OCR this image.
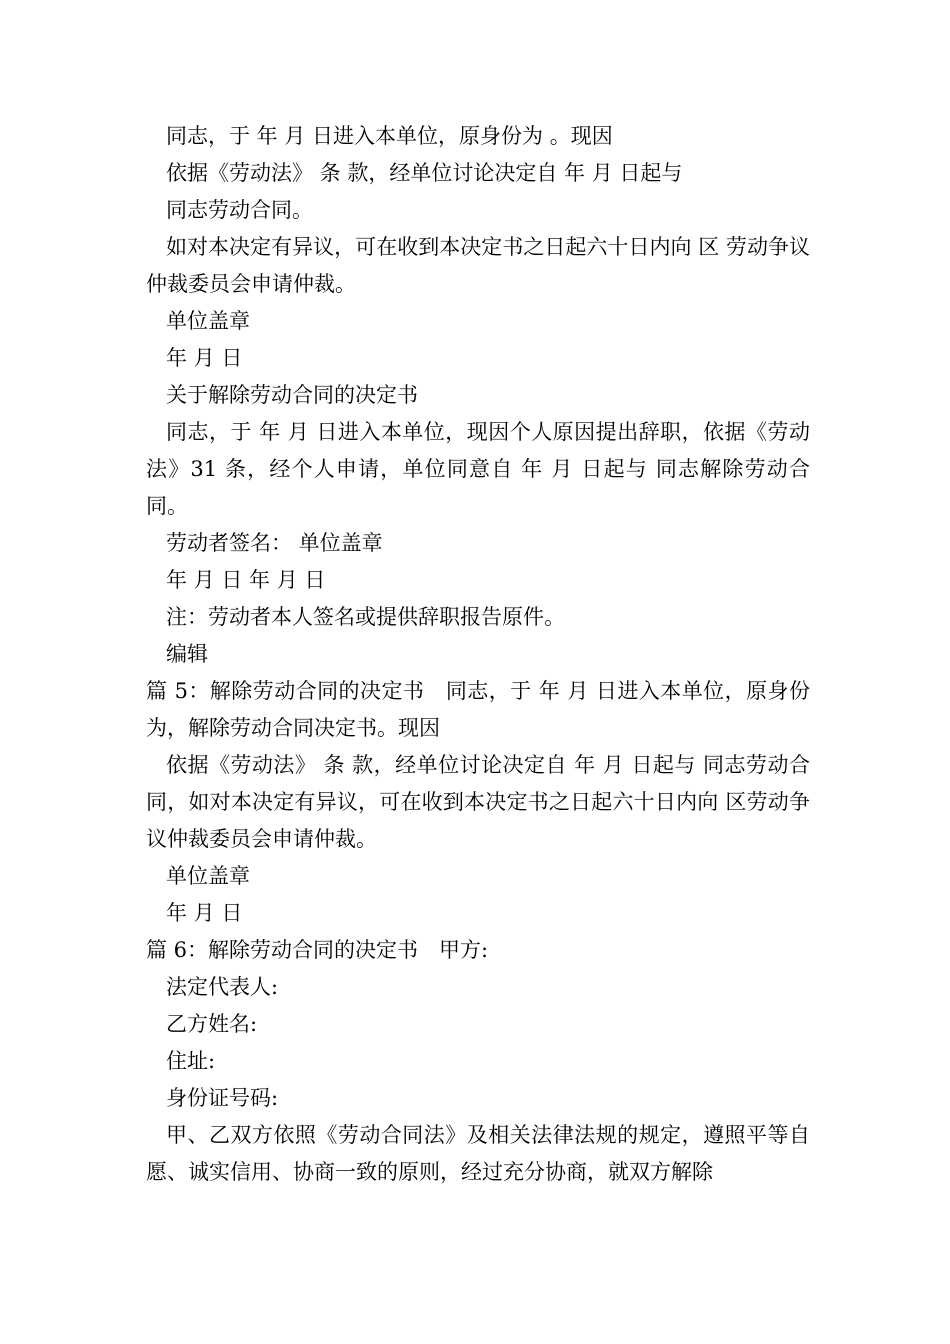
同志，于 年 月 日进入本单位，原身份为 。现因

依据《劳动法》 条 款，经单位讨论决定自 年 月 日起与

同志劳动合同。

如对本决定有异议，可在收到本决定书之日起六十日内向 区 劳动争议仲裁委员会申请仲裁。

单位盖章

年 月 日

关于解除劳动合同的决定书

同志，于 年 月 日进入本单位，现因个人原因提出辞职，依据《劳动法》31 条，经个人申请，单位同意自 年 月 日起与 同志解除劳动合同。

劳动者签名： 单位盖章

年 月 日 年 月 日

注：劳动者本人签名或提供辞职报告原件。

编辑

篇 5：解除劳动合同的决定书　同志，于 年 月 日进入本单位，原身份为，解除劳动合同决定书。现因

依据《劳动法》 条 款，经单位讨论决定自 年 月 日起与 同志劳动合同，如对本决定有异议，可在收到本决定书之日起六十日内向 区劳动争议仲裁委员会申请仲裁。

单位盖章

年 月 日

篇 6：解除劳动合同的决定书　甲方:

法定代表人:

乙方姓名:

住址:

身份证号码:

甲、乙双方依照《劳动合同法》及相关法律法规的规定，遵照平等自愿、诚实信用、协商一致的原则，经过充分协商，就双方解除
